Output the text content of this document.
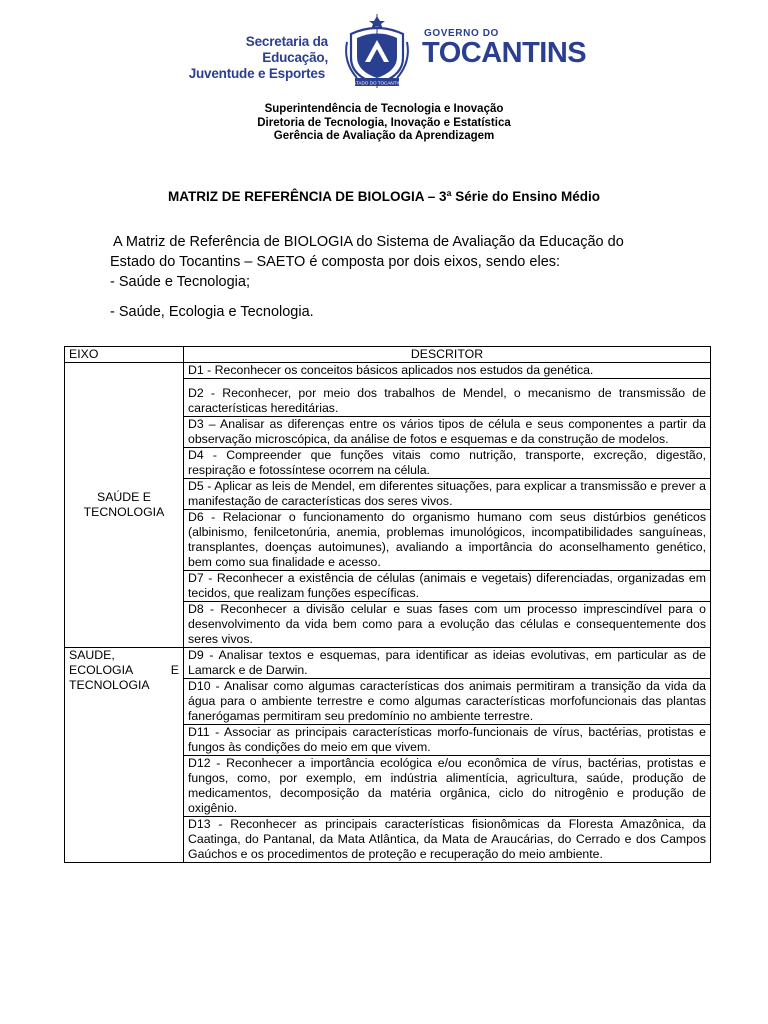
Secretaria da Educação,
Juventude e Esportes
ESTADO DO TOCANTINS
GOVERNO DO
TOCANTINS
Superintendência de Tecnologia e Inovação
Diretoria de Tecnologia, Inovação e Estatística
Gerência de Avaliação da Aprendizagem
MATRIZ DE REFERÊNCIA DE BIOLOGIA – 3ª Série do Ensino Médio

A Matriz de Referência de BIOLOGIA do Sistema de Avaliação da Educação do Estado do Tocantins – SAETO é composta por dois eixos, sendo eles:

- Saúde e Tecnologia;

- Saúde, Ecologia e Tecnologia.

EIXO	DESCRITOR
SAÚDE E TECNOLOGIA	D1 - Reconhecer os conceitos básicos aplicados nos estudos da genética.
	D2 - Reconhecer, por meio dos trabalhos de Mendel, o mecanismo de transmissão de características hereditárias.
	D3 – Analisar as diferenças entre os vários tipos de célula e seus componentes a partir da observação microscópica, da análise de fotos e esquemas e da construção de modelos.
	D4 - Compreender que funções vitais como nutrição, transporte, excreção, digestão, respiração e fotossíntese ocorrem na célula.
	D5 - Aplicar as leis de Mendel, em diferentes situações, para explicar a transmissão e prever a manifestação de características dos seres vivos.
	D6 - Relacionar o funcionamento do organismo humano com seus distúrbios genéticos (albinismo, fenilcetonúria, anemia, problemas imunológicos, incompatibilidades sanguíneas, transplantes, doenças autoimunes), avaliando a importância do aconselhamento genético, bem como sua finalidade e acesso.
	D7 - Reconhecer a existência de células (animais e vegetais) diferenciadas, organizadas em tecidos, que realizam funções específicas.
	D8 - Reconhecer a divisão celular e suas fases com um processo imprescindível para o desenvolvimento da vida bem como para a evolução das células e consequentemente dos seres vivos.
SAUDE, ECOLOGIA E TECNOLOGIA	D9 - Analisar textos e esquemas, para identificar as ideias evolutivas, em particular as de Lamarck e de Darwin.
	D10 - Analisar como algumas características dos animais permitiram a transição da vida da água para o ambiente terrestre e como algumas características morfofuncionais das plantas fanerógamas permitiram seu predomínio no ambiente terrestre.
	D11 - Associar as principais características morfo-funcionais de vírus, bactérias, protistas e fungos às condições do meio em que vivem.
	D12 - Reconhecer a importância ecológica e/ou econômica de vírus, bactérias, protistas e fungos, como, por exemplo, em indústria alimentícia, agricultura, saúde, produção de medicamentos, decomposição da matéria orgânica, ciclo do nitrogênio e produção de oxigênio.
	D13 - Reconhecer as principais características fisionômicas da Floresta Amazônica, da Caatinga, do Pantanal, da Mata Atlântica, da Mata de Araucárias, do Cerrado e dos Campos Gaúchos e os procedimentos de proteção e recuperação do meio ambiente.
